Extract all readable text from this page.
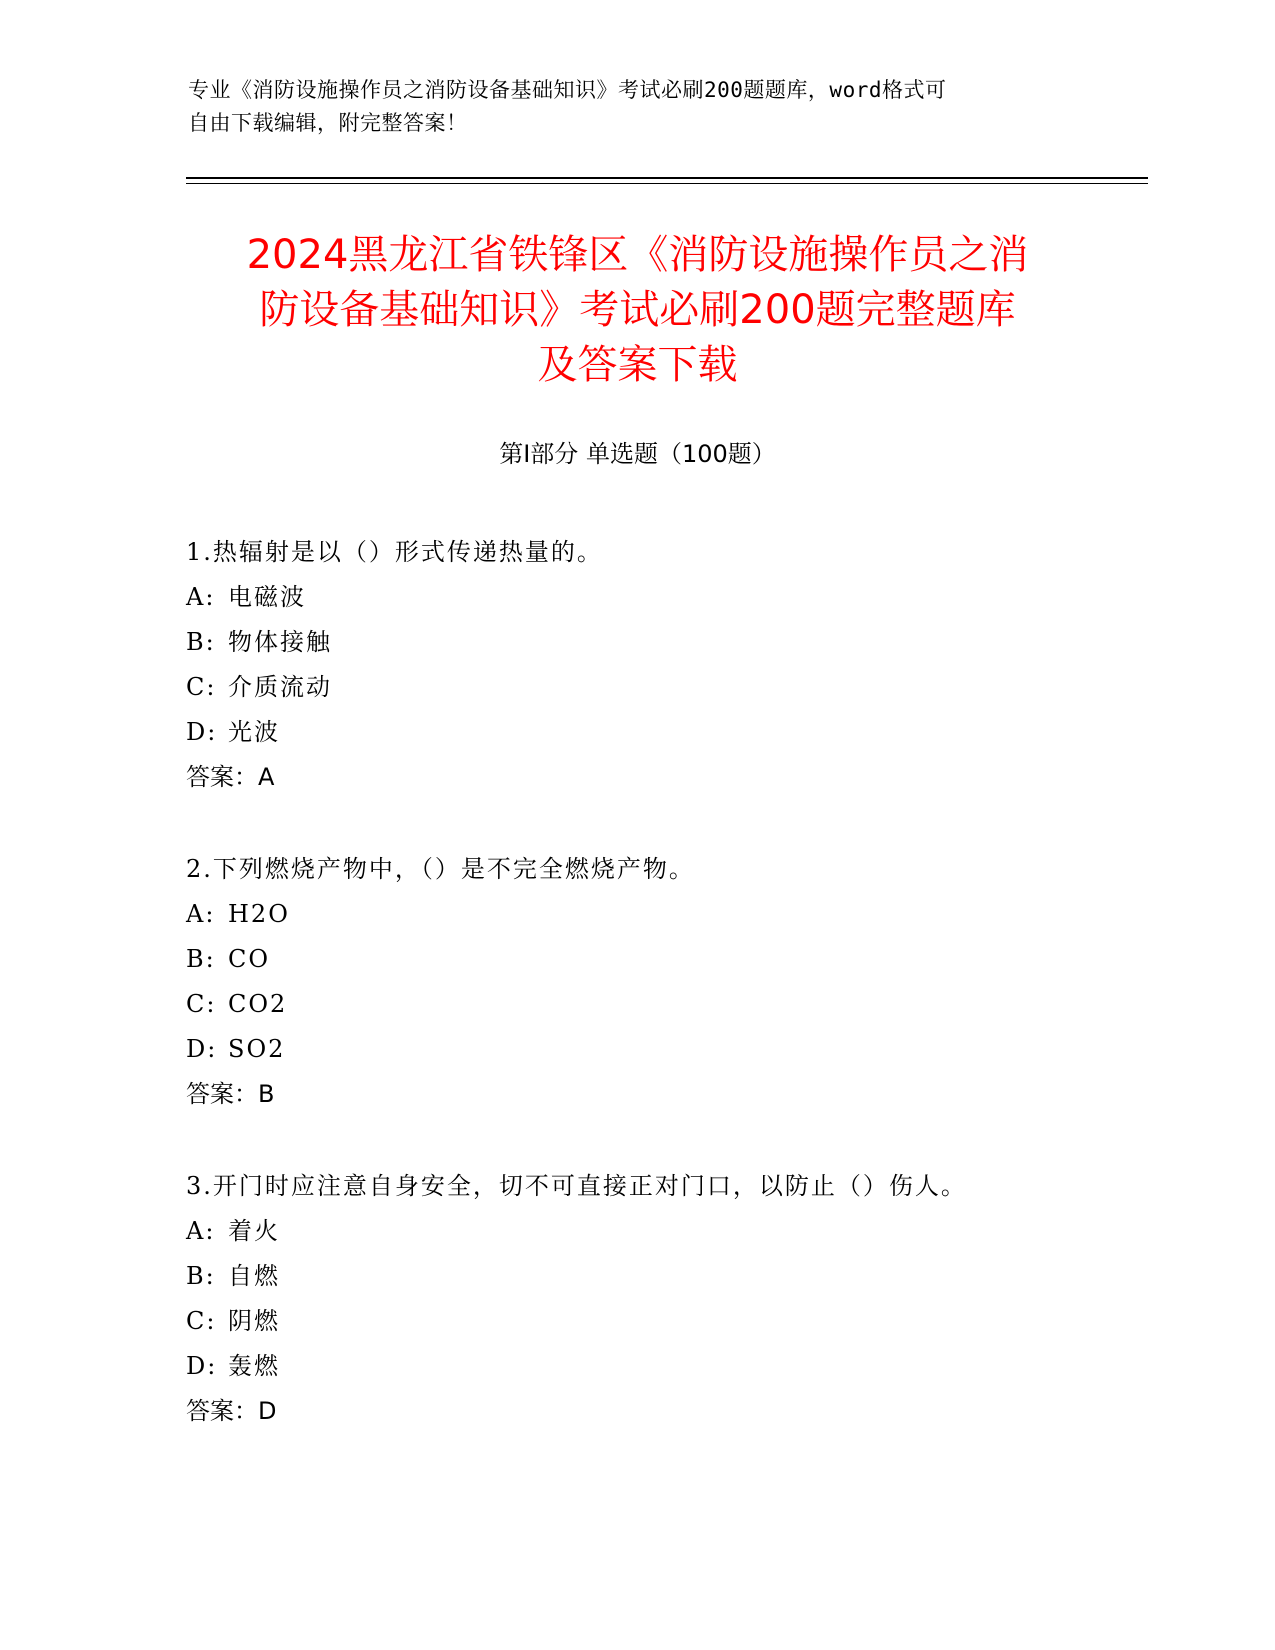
专业《消防设施操作员之消防设备基础知识》考试必刷200题题库，word格式可
自由下载编辑，附完整答案！
2024黑龙江省铁锋区《消防设施操作员之消
防设备基础知识》考试必刷200题完整题库
及答案下载
第Ⅰ部分 单选题（100题）
1.热辐射是以（）形式传递热量的。
A: 电磁波
B: 物体接触
C: 介质流动
D: 光波
答案：A
2.下列燃烧产物中，（）是不完全燃烧产物。
A: H2O
B: CO
C: CO2
D: SO2
答案：B
3.开门时应注意自身安全，切不可直接正对门口，以防止（）伤人。
A: 着火
B: 自燃
C: 阴燃
D: 轰燃
答案：D
